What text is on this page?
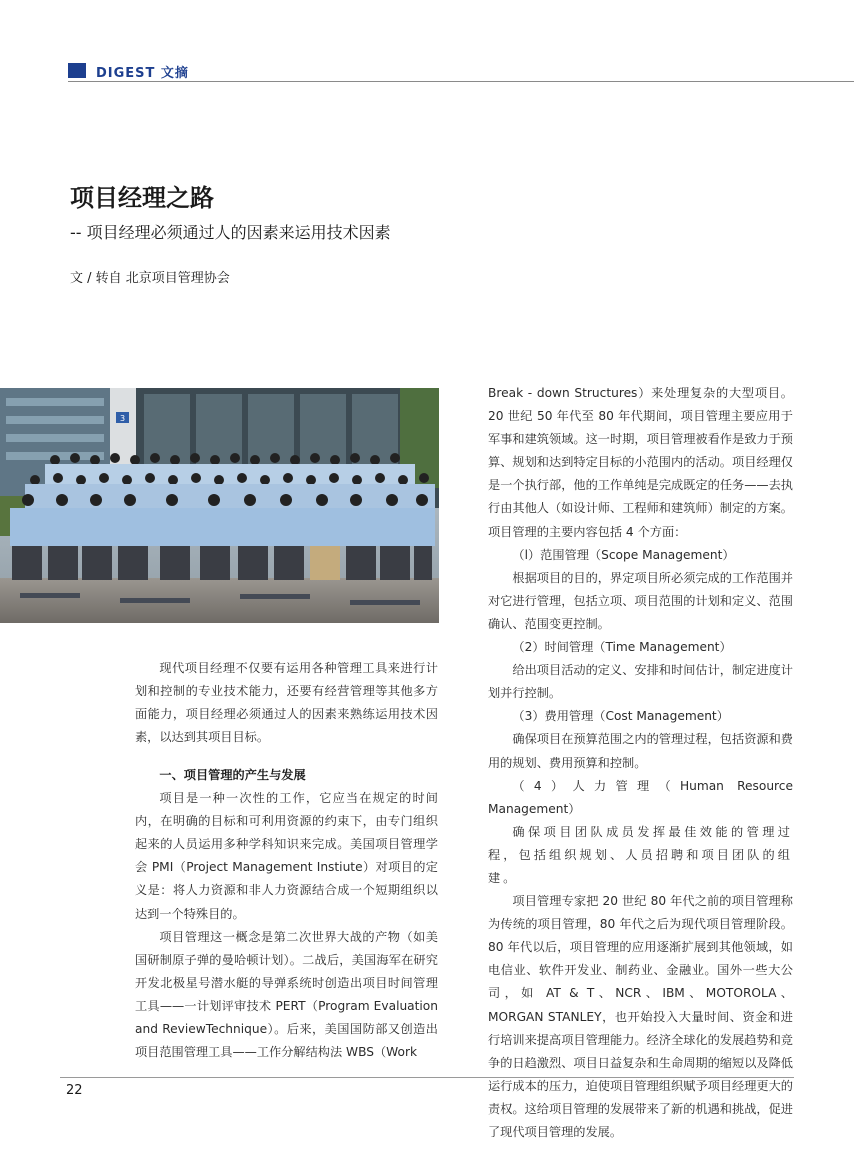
DIGEST 文摘
项目经理之路
-- 项目经理必须通过人的因素来运用技术因素
文 / 转自 北京项目管理协会
3

现代项目经理不仅要有运用各种管理工具来进行计划和控制的专业技术能力，还要有经营管理等其他多方面能力，项目经理必须通过人的因素来熟练运用技术因素，以达到其项目目标。

一、项目管理的产生与发展

项目是一种一次性的工作，它应当在规定的时间内，在明确的目标和可利用资源的约束下，由专门组织起来的人员运用多种学科知识来完成。美国项目管理学会 PMI（Project Management Instiute）对项目的定义是：将人力资源和非人力资源结合成一个短期组织以达到一个特殊目的。

项目管理这一概念是第二次世界大战的产物（如美国研制原子弹的曼哈顿计划）。二战后，美国海军在研究开发北极星号潜水艇的导弹系统时创造出项目时间管理工具——一计划评审技术 PERT（Program Evaluation and ReviewTechnique）。后来，美国国防部又创造出项目范围管理工具——工作分解结构法 WBS（Work

Break - down Structures）来处理复杂的大型项目。20 世纪 50 年代至 80 年代期间，项目管理主要应用于军事和建筑领域。这一时期，项目管理被看作是致力于预算、规划和达到特定目标的小范围内的活动。项目经理仅是一个执行部，他的工作单纯是完成既定的任务——去执行由其他人（如设计师、工程师和建筑师）制定的方案。项目管理的主要内容包括 4 个方面：

（l）范围管理（Scope Management）

根据项目的目的，界定项目所必须完成的工作范围并对它进行管理，包括立项、项目范围的计划和定义、范围确认、范围变更控制。

（2）时间管理（Time Management）

给出项目活动的定义、安排和时间估计，制定进度计划并行控制。

（3）费用管理（Cost Management）

确保项目在预算范围之内的管理过程，包括资源和费用的规划、费用预算和控制。

（4）人力管理（Human Resource Management）

确保项目团队成员发挥最佳效能的管理过程，包括组织规划、人员招聘和项目团队的组建。

项目管理专家把 20 世纪 80 年代之前的项目管理称为传统的项目管理，80 年代之后为现代项目管理阶段。80 年代以后，项目管理的应用逐渐扩展到其他领域，如电信业、软件开发业、制药业、金融业。国外一些大公司，如 AT & T、NCR、IBM、MOTOROLA、 MORGAN STANLEY，也开始投入大量时间、资金和进行培训来提高项目管理能力。经济全球化的发展趋势和竞争的日趋激烈、项目日益复杂和生命周期的缩短以及降低运行成本的压力，迫使项目管理组织赋予项目经理更大的责权。这给项目管理的发展带来了新的机遇和挑战，促进了现代项目管理的发展。

22
